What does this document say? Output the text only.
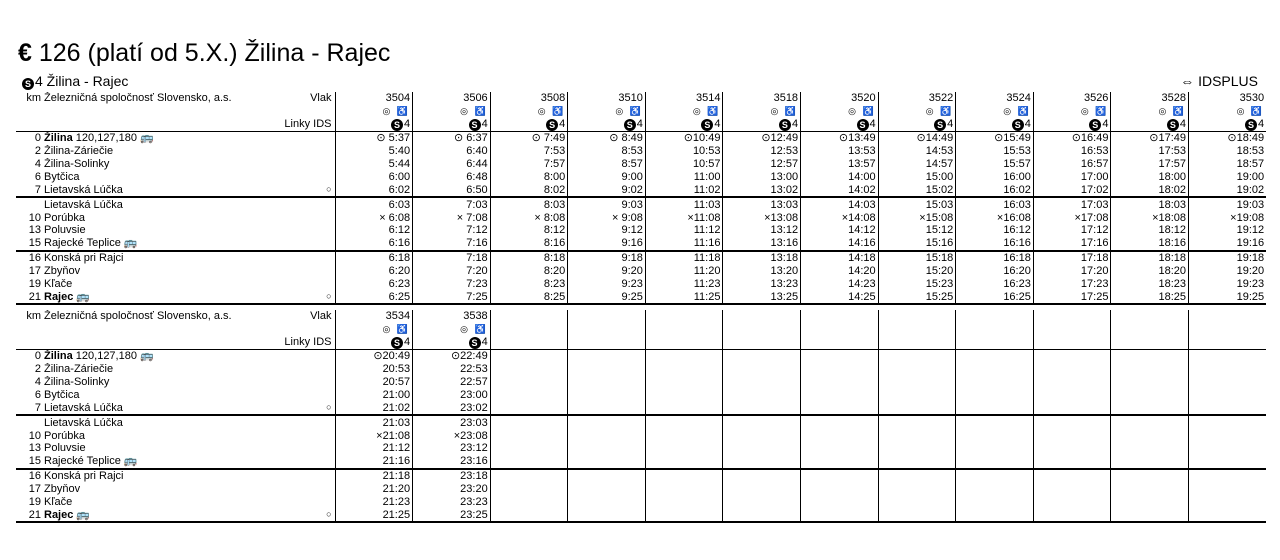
€ 126 (platí od 5.X.) Žilina - Rajec
S 4 Žilina - Rajec	⇔ IDSPLUS
km	Železničná spoločnosť Slovensko, a.s. Vlak	3504	3506	3508	3510	3514	3518	3520	3522	3524	3526	3528	3530
		◎ ♿	◎ ♿	◎ ♿	◎ ♿	◎ ♿	◎ ♿	◎ ♿	◎ ♿	◎ ♿	◎ ♿	◎ ♿	◎ ♿

	Linky IDS	S 4	S 4	S 4	S 4	S 4	S 4	S 4	S 4	S 4	S 4	S 4	S 4
0	Žilina 120,127,180 🚌	⊙ 5:37	⊙ 6:37	⊙ 7:49	⊙ 8:49	⊙10:49	⊙12:49	⊙13:49	⊙14:49	⊙15:49	⊙16:49	⊙17:49	⊙18:49
2	Žilina-Záriečie	5:40	6:40	7:53	8:53	10:53	12:53	13:53	14:53	15:53	16:53	17:53	18:53
4	Žilina-Solinky	5:44	6:44	7:57	8:57	10:57	12:57	13:57	14:57	15:57	16:57	17:57	18:57
6	Bytčica	6:00	6:48	8:00	9:00	11:00	13:00	14:00	15:00	16:00	17:00	18:00	19:00
7	Lietavská Lúčka ○	6:02	6:50	8:02	9:02	11:02	13:02	14:02	15:02	16:02	17:02	18:02	19:02
	Lietavská Lúčka	6:03	7:03	8:03	9:03	11:03	13:03	14:03	15:03	16:03	17:03	18:03	19:03
10	Porúbka	× 6:08	× 7:08	× 8:08	× 9:08	×11:08	×13:08	×14:08	×15:08	×16:08	×17:08	×18:08	×19:08
13	Poluvsie	6:12	7:12	8:12	9:12	11:12	13:12	14:12	15:12	16:12	17:12	18:12	19:12
15	Rajecké Teplice 🚌	6:16	7:16	8:16	9:16	11:16	13:16	14:16	15:16	16:16	17:16	18:16	19:16
16	Konská pri Rajci	6:18	7:18	8:18	9:18	11:18	13:18	14:18	15:18	16:18	17:18	18:18	19:18
17	Zbyňov	6:20	7:20	8:20	9:20	11:20	13:20	14:20	15:20	16:20	17:20	18:20	19:20
19	Kľače	6:23	7:23	8:23	9:23	11:23	13:23	14:23	15:23	16:23	17:23	18:23	19:23
21	Rajec 🚌 ○	6:25	7:25	8:25	9:25	11:25	13:25	14:25	15:25	16:25	17:25	18:25	19:25
km	Železničná spoločnosť Slovensko, a.s. Vlak	3534	3538										
		◎ ♿	◎ ♿										

	Linky IDS	S 4	S 4										
0	Žilina 120,127,180 🚌	⊙20:49	⊙22:49										
2	Žilina-Záriečie	20:53	22:53										
4	Žilina-Solinky	20:57	22:57										
6	Bytčica	21:00	23:00										
7	Lietavská Lúčka ○	21:02	23:02										
	Lietavská Lúčka	21:03	23:03										
10	Porúbka	×21:08	×23:08										
13	Poluvsie	21:12	23:12										
15	Rajecké Teplice 🚌	21:16	23:16										
16	Konská pri Rajci	21:18	23:18										
17	Zbyňov	21:20	23:20										
19	Kľače	21:23	23:23										
21	Rajec 🚌 ○	21:25	23:25										
